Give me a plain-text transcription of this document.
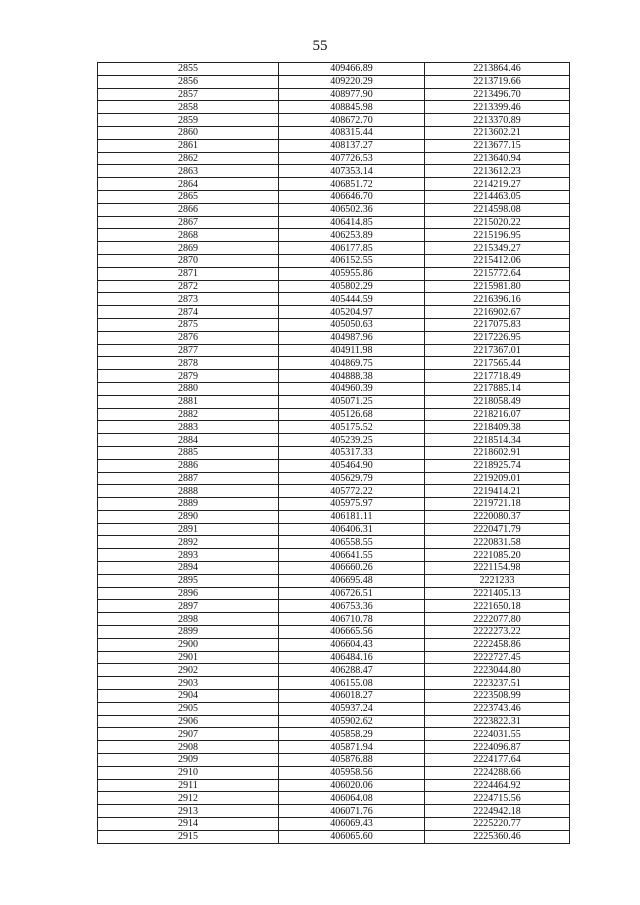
55
2855	409466.89	2213864.46
2856	409220.29	2213719.66
2857	408977.90	2213496.70
2858	408845.98	2213399.46
2859	408672.70	2213370.89
2860	408315.44	2213602.21
2861	408137.27	2213677.15
2862	407726.53	2213640.94
2863	407353.14	2213612.23
2864	406851.72	2214219.27
2865	406646.70	2214463.05
2866	406502.36	2214598.08
2867	406414.85	2215020.22
2868	406253.89	2215196.95
2869	406177.85	2215349.27
2870	406152.55	2215412.06
2871	405955.86	2215772.64
2872	405802.29	2215981.80
2873	405444.59	2216396.16
2874	405204.97	2216902.67
2875	405050.63	2217075.83
2876	404987.96	2217226.95
2877	404911.98	2217367.01
2878	404869.75	2217565.44
2879	404888.38	2217718.49
2880	404960.39	2217885.14
2881	405071.25	2218058.49
2882	405126.68	2218216.07
2883	405175.52	2218409.38
2884	405239.25	2218514.34
2885	405317.33	2218602.91
2886	405464.90	2218925.74
2887	405629.79	2219209.01
2888	405772.22	2219414.21
2889	405975.97	2219721.18
2890	406181.11	2220080.37
2891	406406.31	2220471.79
2892	406558.55	2220831.58
2893	406641.55	2221085.20
2894	406660.26	2221154.98
2895	406695.48	2221233
2896	406726.51	2221405.13
2897	406753.36	2221650.18
2898	406710.78	2222077.80
2899	406665.56	2222273.22
2900	406604.43	2222458.86
2901	406484.16	2222727.45
2902	406288.47	2223044.80
2903	406155.08	2223237.51
2904	406018.27	2223508.99
2905	405937.24	2223743.46
2906	405902.62	2223822.31
2907	405858.29	2224031.55
2908	405871.94	2224096.87
2909	405876.88	2224177.64
2910	405958.56	2224288.66
2911	406020.06	2224464.92
2912	406064.08	2224715.56
2913	406071.76	2224942.18
2914	406069.43	2225220.77
2915	406065.60	2225360.46
